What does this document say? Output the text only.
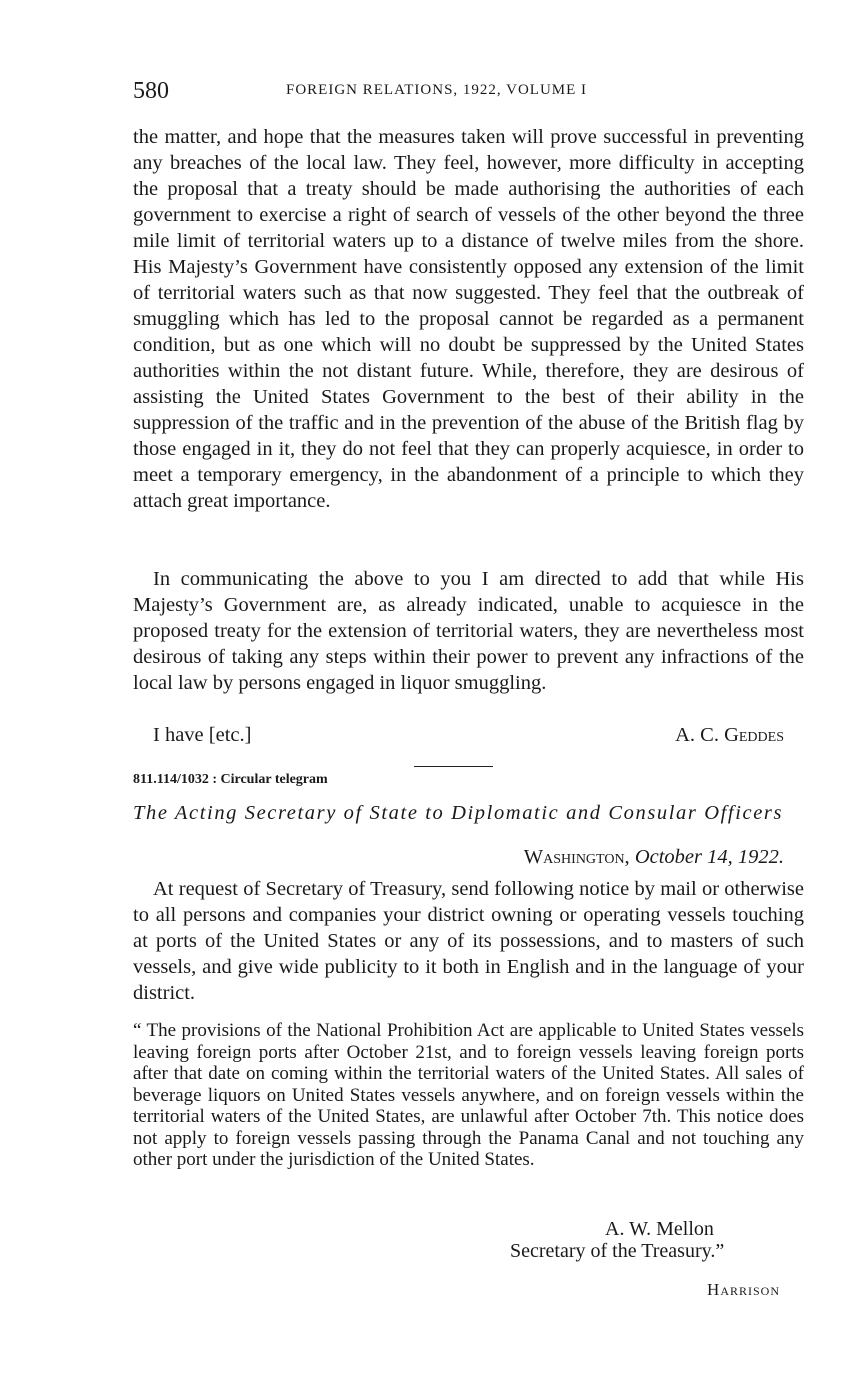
580	FOREIGN RELATIONS, 1922, VOLUME I
the matter, and hope that the measures taken will prove successful in preventing any breaches of the local law. They feel, however, more difficulty in accepting the proposal that a treaty should be made authorising the authorities of each government to exercise a right of search of vessels of the other beyond the three mile limit of territorial waters up to a distance of twelve miles from the shore. His Majesty’s Government have consistently opposed any extension of the limit of territorial waters such as that now suggested. They feel that the outbreak of smuggling which has led to the proposal cannot be regarded as a permanent condition, but as one which will no doubt be suppressed by the United States authorities within the not distant future. While, therefore, they are desirous of assisting the United States Government to the best of their ability in the suppression of the traffic and in the prevention of the abuse of the British flag by those engaged in it, they do not feel that they can properly acquiesce, in order to meet a temporary emergency, in the abandonment of a principle to which they attach great importance.
In communicating the above to you I am directed to add that while His Majesty’s Government are, as already indicated, unable to acquiesce in the proposed treaty for the extension of territorial waters, they are nevertheless most desirous of taking any steps within their power to prevent any infractions of the local law by persons engaged in liquor smuggling.
I have [etc.]	A. C. Geddes
811.114/1032 : Circular telegram
The Acting Secretary of State to Diplomatic and Consular Officers
Washington, October 14, 1922.
At request of Secretary of Treasury, send following notice by mail or otherwise to all persons and companies your district owning or operating vessels touching at ports of the United States or any of its possessions, and to masters of such vessels, and give wide publicity to it both in English and in the language of your district.
“ The provisions of the National Prohibition Act are applicable to United States vessels leaving foreign ports after October 21st, and to foreign vessels leaving foreign ports after that date on coming within the territorial waters of the United States. All sales of beverage liquors on United States vessels anywhere, and on foreign vessels within the territorial waters of the United States, are unlawful after October 7th. This notice does not apply to foreign vessels passing through the Panama Canal and not touching any other port under the jurisdiction of the United States.
A. W. Mellon
Secretary of the Treasury.”
Harrison
